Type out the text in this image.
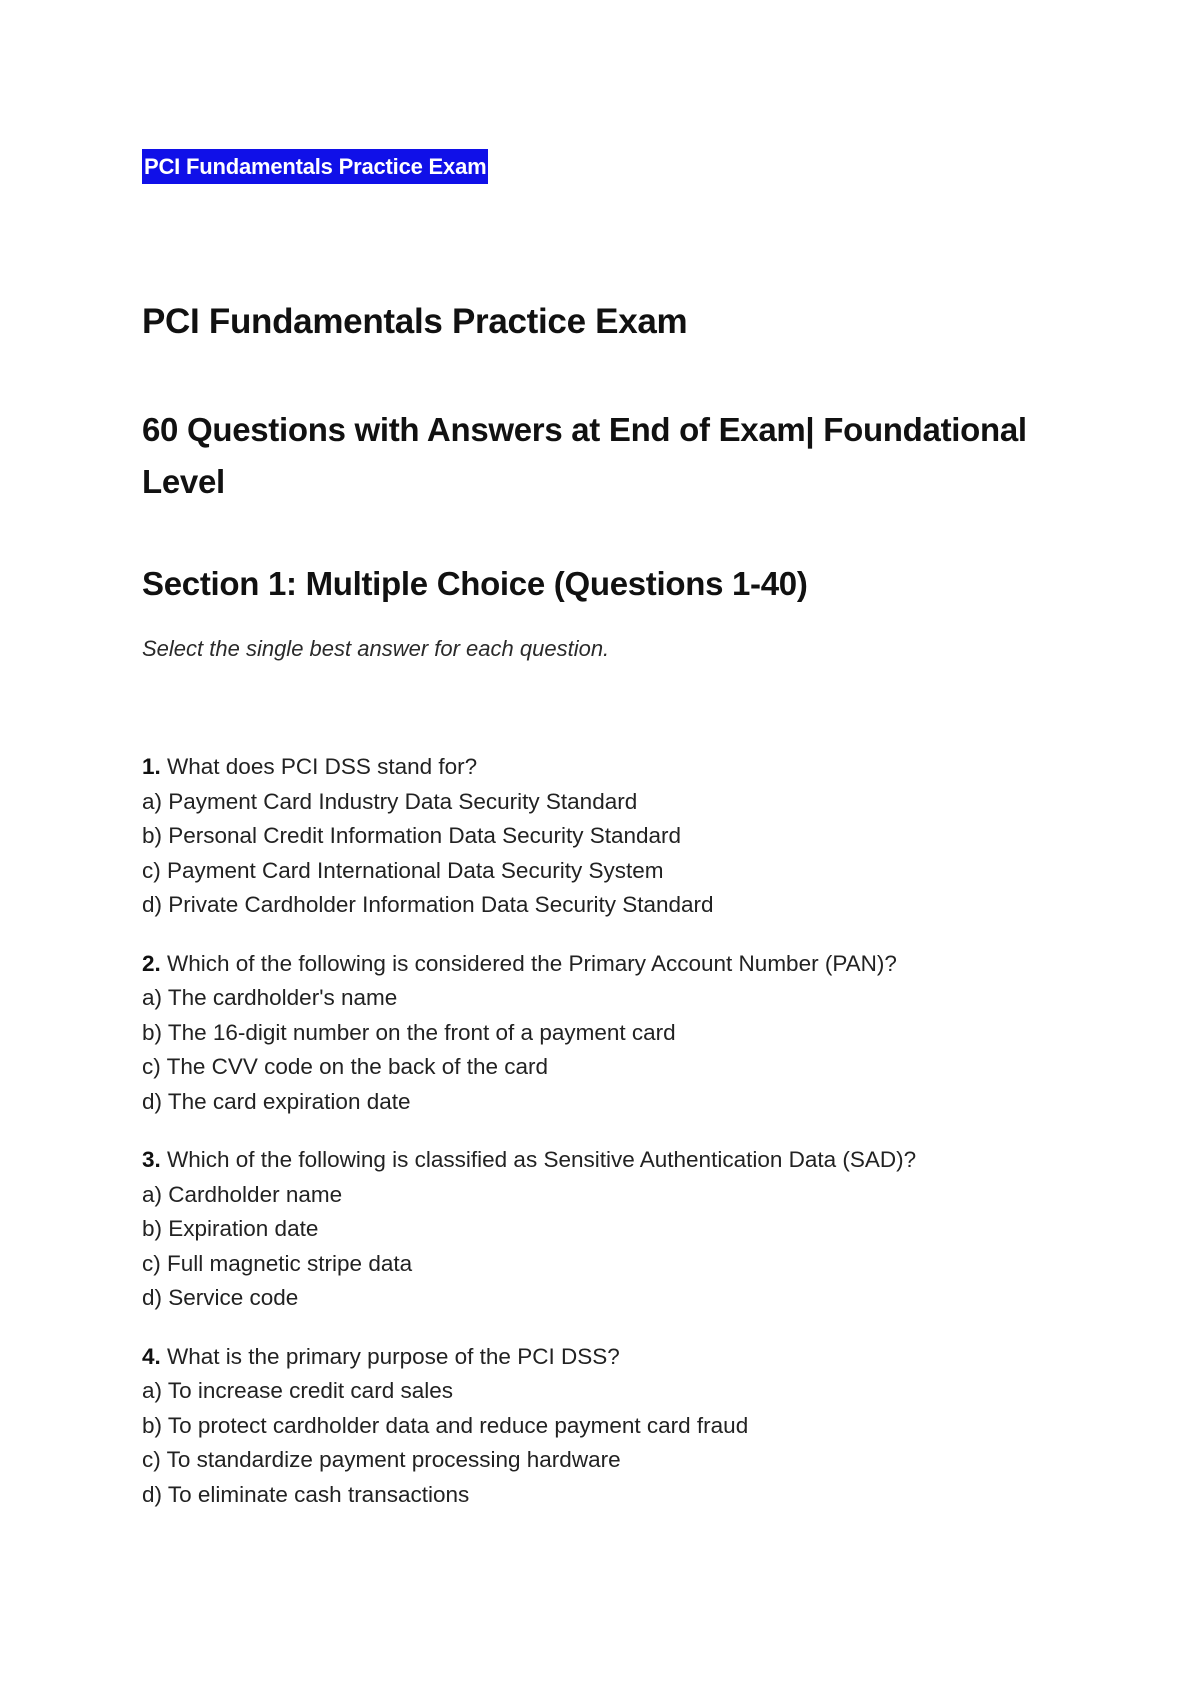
PCI Fundamentals Practice Exam
PCI Fundamentals Practice Exam
60 Questions with Answers at End of Exam| Foundational Level
Section 1: Multiple Choice (Questions 1-40)

Select the single best answer for each question.

1. What does PCI DSS stand for?

a) Payment Card Industry Data Security Standard

b) Personal Credit Information Data Security Standard

c) Payment Card International Data Security System

d) Private Cardholder Information Data Security Standard

2. Which of the following is considered the Primary Account Number (PAN)?

a) The cardholder's name

b) The 16-digit number on the front of a payment card

c) The CVV code on the back of the card

d) The card expiration date

3. Which of the following is classified as Sensitive Authentication Data (SAD)?

a) Cardholder name

b) Expiration date

c) Full magnetic stripe data

d) Service code

4. What is the primary purpose of the PCI DSS?

a) To increase credit card sales

b) To protect cardholder data and reduce payment card fraud

c) To standardize payment processing hardware

d) To eliminate cash transactions
